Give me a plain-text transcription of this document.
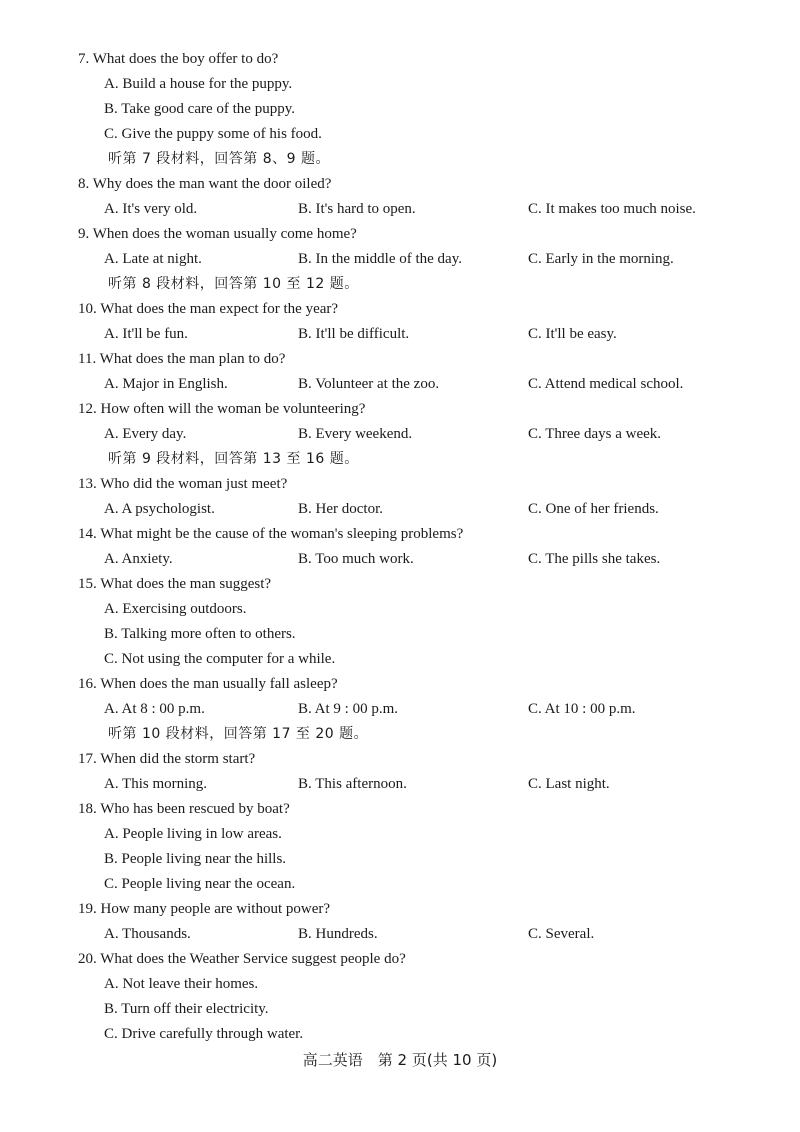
7. What does the boy offer to do?
A. Build a house for the puppy.
B. Take good care of the puppy.
C. Give the puppy some of his food.
听第 7 段材料，回答第 8、9 题。
8. Why does the man want the door oiled?
A. It's very old.	B. It's hard to open.	C. It makes too much noise.
9. When does the woman usually come home?
A. Late at night.	B. In the middle of the day.	C. Early in the morning.
听第 8 段材料，回答第 10 至 12 题。
10. What does the man expect for the year?
A. It'll be fun.	B. It'll be difficult.	C. It'll be easy.
11. What does the man plan to do?
A. Major in English.	B. Volunteer at the zoo.	C. Attend medical school.
12. How often will the woman be volunteering?
A. Every day.	B. Every weekend.	C. Three days a week.
听第 9 段材料，回答第 13 至 16 题。
13. Who did the woman just meet?
A. A psychologist.	B. Her doctor.	C. One of her friends.
14. What might be the cause of the woman's sleeping problems?
A. Anxiety.	B. Too much work.	C. The pills she takes.
15. What does the man suggest?
A. Exercising outdoors.
B. Talking more often to others.
C. Not using the computer for a while.
16. When does the man usually fall asleep?
A. At 8 : 00 p.m.	B. At 9 : 00 p.m.	C. At 10 : 00 p.m.
听第 10 段材料，回答第 17 至 20 题。
17. When did the storm start?
A. This morning.	B. This afternoon.	C. Last night.
18. Who has been rescued by boat?
A. People living in low areas.
B. People living near the hills.
C. People living near the ocean.
19. How many people are without power?
A. Thousands.	B. Hundreds.	C. Several.
20. What does the Weather Service suggest people do?
A. Not leave their homes.
B. Turn off their electricity.
C. Drive carefully through water.
高二英语　第 2 页(共 10 页)
